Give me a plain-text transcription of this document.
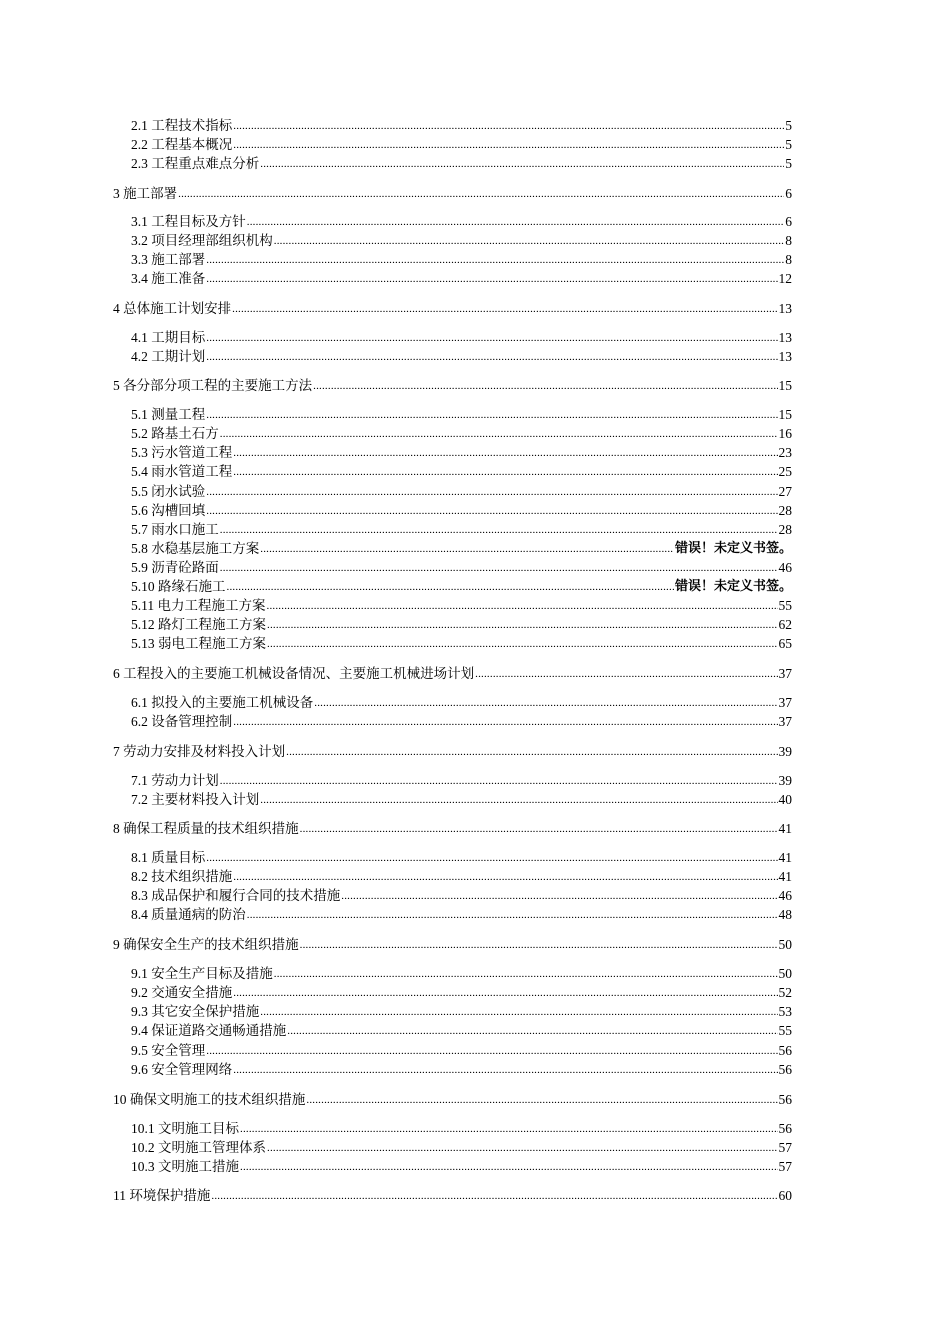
2.1 工程技术指标 .....	5
2.2 工程基本概况 .....	5
2.3 工程重点难点分析 .....	5
3 施工部署 .....	6
3.1 工程目标及方针 .....	6
3.2 项目经理部组织机构 .....	8
3.3 施工部署 .....	8
3.4 施工准备 .....	12
4 总体施工计划安排 .....	13
4.1 工期目标 .....	13
4.2 工期计划 .....	13
5 各分部分项工程的主要施工方法 .....	15
5.1 测量工程 .....	15
5.2 路基土石方 .....	16
5.3 污水管道工程 .....	23
5.4 雨水管道工程 .....	25
5.5 闭水试验 .....	27
5.6 沟槽回填 .....	28
5.7 雨水口施工 .....	28
5.8 水稳基层施工方案 .....	错误！未定义书签。
5.9 沥青砼路面 .....	46
5.10 路缘石施工 .....	错误！未定义书签。
5.11 电力工程施工方案 .....	55
5.12 路灯工程施工方案 .....	62
5.13 弱电工程施工方案 .....	65
6 工程投入的主要施工机械设备情况、主要施工机械进场计划 .....	37
6.1 拟投入的主要施工机械设备 .....	37
6.2 设备管理控制 .....	37
7 劳动力安排及材料投入计划 .....	39
7.1 劳动力计划 .....	39
7.2 主要材料投入计划 .....	40
8 确保工程质量的技术组织措施 .....	41
8.1 质量目标 .....	41
8.2 技术组织措施 .....	41
8.3 成品保护和履行合同的技术措施 .....	46
8.4 质量通病的防治 .....	48
9 确保安全生产的技术组织措施 .....	50
9.1 安全生产目标及措施 .....	50
9.2 交通安全措施 .....	52
9.3 其它安全保护措施 .....	53
9.4 保证道路交通畅通措施 .....	55
9.5 安全管理 .....	56
9.6 安全管理网络 .....	56
10 确保文明施工的技术组织措施 .....	56
10.1 文明施工目标 .....	56
10.2 文明施工管理体系 .....	57
10.3 文明施工措施 .....	57
11 环境保护措施 .....	60
